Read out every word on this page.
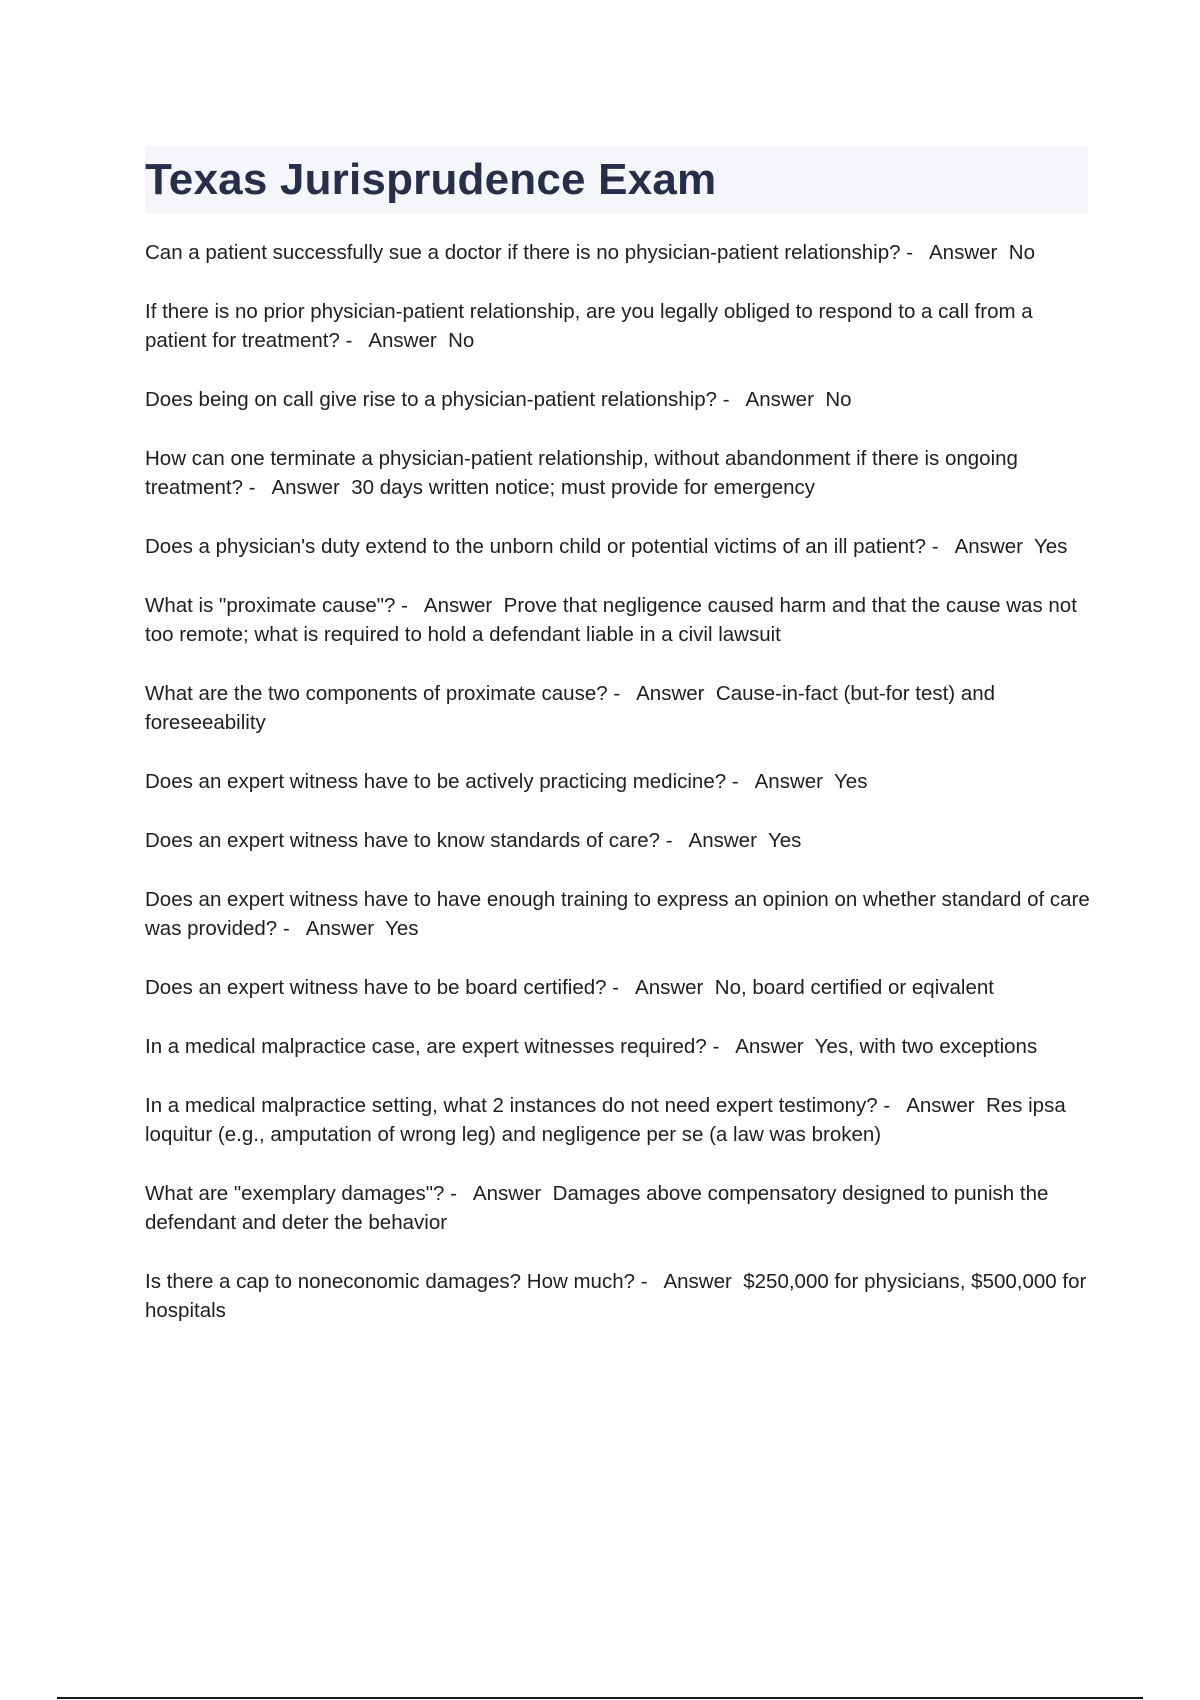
Texas Jurisprudence Exam
Can a patient successfully sue a doctor if there is no physician-patient relationship? -   Answer No
If there is no prior physician-patient relationship, are you legally obliged to respond to a call from a patient for treatment? -   Answer No
Does being on call give rise to a physician-patient relationship? -   Answer No
How can one terminate a physician-patient relationship, without abandonment if there is ongoing treatment? -   Answer 30 days written notice; must provide for emergency
Does a physician's duty extend to the unborn child or potential victims of an ill patient? -   Answer Yes
What is "proximate cause"? -   Answer Prove that negligence caused harm and that the cause was not too remote; what is required to hold a defendant liable in a civil lawsuit
What are the two components of proximate cause? -   Answer Cause-in-fact (but-for test) and foreseeability
Does an expert witness have to be actively practicing medicine? -   Answer Yes
Does an expert witness have to know standards of care? -   Answer Yes
Does an expert witness have to have enough training to express an opinion on whether standard of care was provided? -   Answer Yes
Does an expert witness have to be board certified? -   Answer No, board certified or eqivalent
In a medical malpractice case, are expert witnesses required? -   Answer Yes, with two exceptions
In a medical malpractice setting, what 2 instances do not need expert testimony? -   Answer Res ipsa loquitur (e.g., amputation of wrong leg) and negligence per se (a law was broken)
What are "exemplary damages"? -   Answer Damages above compensatory designed to punish the defendant and deter the behavior
Is there a cap to noneconomic damages? How much? -   Answer $250,000 for physicians, $500,000 for hospitals
